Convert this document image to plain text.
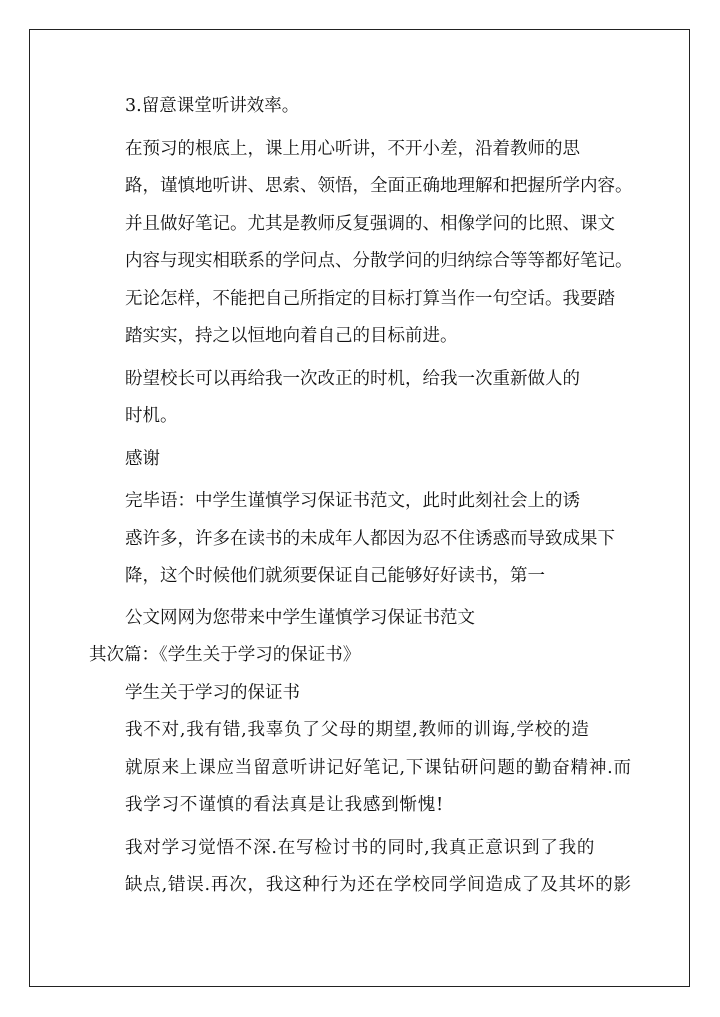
3.留意课堂听讲效率。
在预习的根底上，课上用心听讲，不开小差，沿着教师的思
路，谨慎地听讲、思索、领悟，全面正确地理解和把握所学内容。
并且做好笔记。尤其是教师反复强调的、相像学问的比照、课文
内容与现实相联系的学问点、分散学问的归纳综合等等都好笔记。
无论怎样，不能把自己所指定的目标打算当作一句空话。我要踏
踏实实，持之以恒地向着自己的目标前进。
盼望校长可以再给我一次改正的时机，给我一次重新做人的
时机。
感谢
完毕语：中学生谨慎学习保证书范文，此时此刻社会上的诱
惑许多，许多在读书的未成年人都因为忍不住诱惑而导致成果下
降，这个时候他们就须要保证自己能够好好读书，第一
公文网网为您带来中学生谨慎学习保证书范文
其次篇：《学生关于学习的保证书》
学生关于学习的保证书
我不对,我有错,我辜负了父母的期望,教师的训诲,学校的造
就原来上课应当留意听讲记好笔记,下课钻研问题的勤奋精神.而
我学习不谨慎的看法真是让我感到惭愧!
我对学习觉悟不深.在写检讨书的同时,我真正意识到了我的
缺点,错误.再次，我这种行为还在学校同学间造成了及其坏的影
